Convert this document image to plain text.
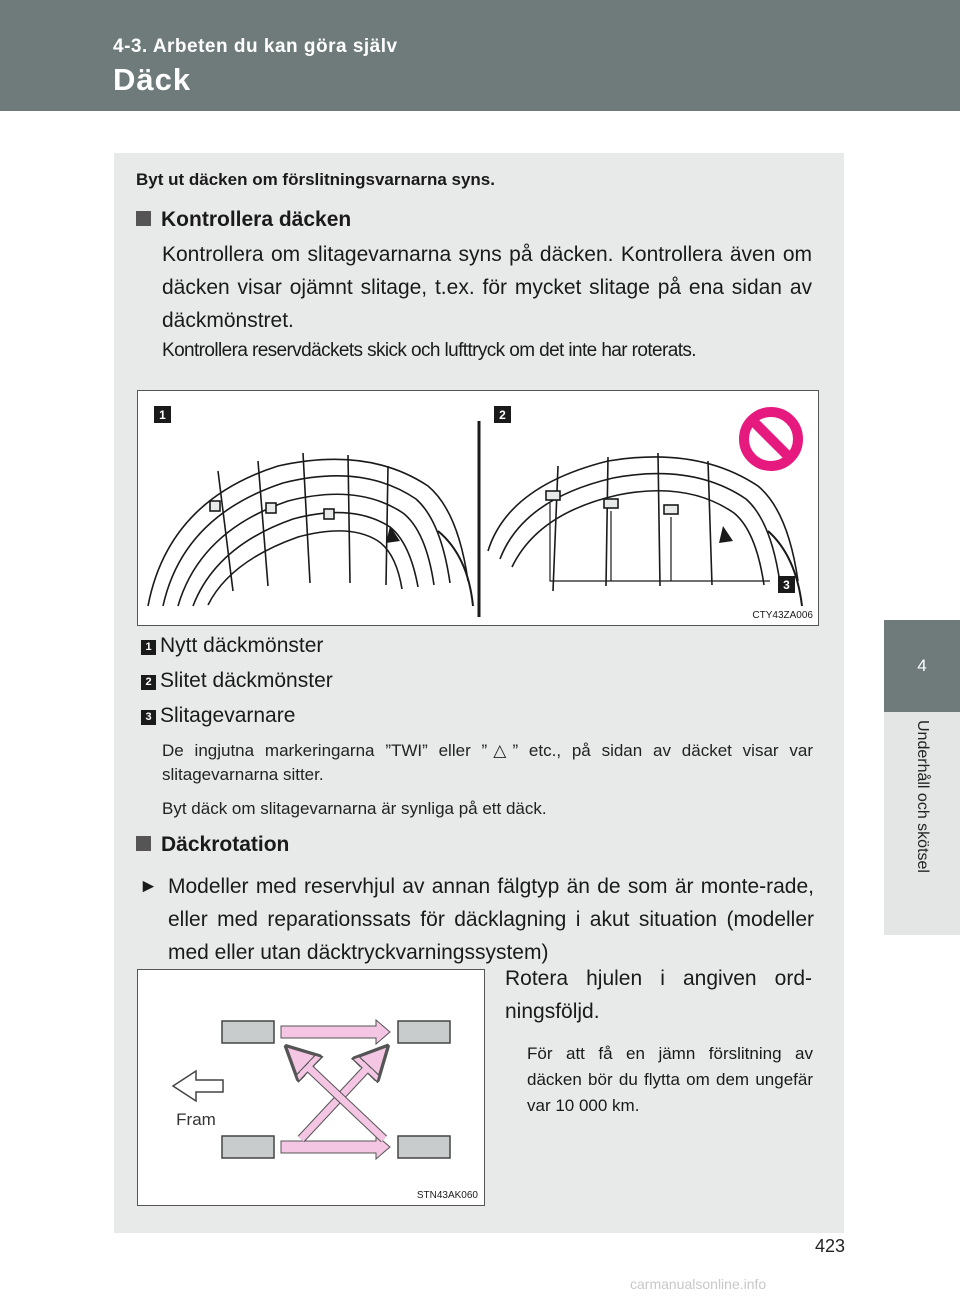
4-3. Arbeten du kan göra själv
Däck
4
Underhåll och skötsel
Byt ut däcken om förslitningsvarnarna syns.
Kontrollera däcken
Kontrollera om slitagevarnarna syns på däcken. Kontrollera även om däcken visar ojämnt slitage, t.ex. för mycket slitage på ena sidan av däckmönstret.
Kontrollera reservdäckets skick och lufttryck om det inte har roterats.
1	2
3
CTY43ZA006
1 Nytt däckmönster
2 Slitet däckmönster
3 Slitagevarnare
De ingjutna markeringarna ”TWI” eller ”△” etc., på sidan av däcket visar var slitagevarnarna sitter.
Byt däck om slitagevarnarna är synliga på ett däck.
Däckrotation
► Modeller med reservhjul av annan fälgtyp än de som är monte-rade, eller med reparationssats för däcklagning i akut situation (modeller med eller utan däcktryckvarningssystem)
Fram
STN43AK060
Rotera hjulen i angiven ord-ningsföljd.
För att få en jämn förslitning av däcken bör du flytta om dem ungefär var 10 000 km.
423
carmanualsonline.info
